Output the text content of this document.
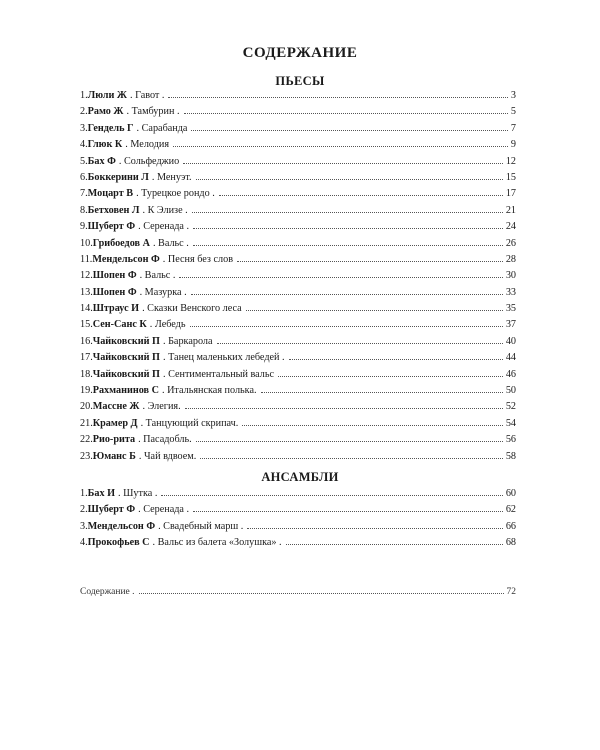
СОДЕРЖАНИЕ
ПЬЕСЫ
1. Люли Ж . Гавот .	3
2. Рамо Ж . Тамбурин .	5
3. Гендель Г . Сарабанда	7
4. Глюк К . Мелодия	9
5. Бах Ф . Сольфеджио	12
6. Боккерини Л . Менуэт.	15
7. Моцарт В . Турецкое рондо .	17
8. Бетховен Л . К Элизе .	21
9. Шуберт Ф . Серенада .	24
10. Грибоедов А . Вальс .	26
11. Мендельсон Ф . Песня без слов	28
12. Шопен Ф . Вальс .	30
13. Шопен Ф . Мазурка .	33
14. Штраус И . Сказки Венского леса	35
15. Сен-Санс К . Лебедь	37
16. Чайковский П . Баркарола	40
17. Чайковский П . Танец маленьких лебедей .	44
18. Чайковский П . Сентиментальный вальс	46
19. Рахманинов С . Итальянская полька.	50
20. Массне Ж . Элегия.	52
21. Крамер Д . Танцующий скрипач.	54
22. Рио-рита . Пасадобль.	56
23. Юманс Б . Чай вдвоем.	58
АНСАМБЛИ
1. Бах И . Шутка .	60
2. Шуберт Ф . Серенада .	62
3. Мендельсон Ф . Свадебный марш .	66
4. Прокофьев С . Вальс из балета «Золушка» .	68
Содержание .	72
